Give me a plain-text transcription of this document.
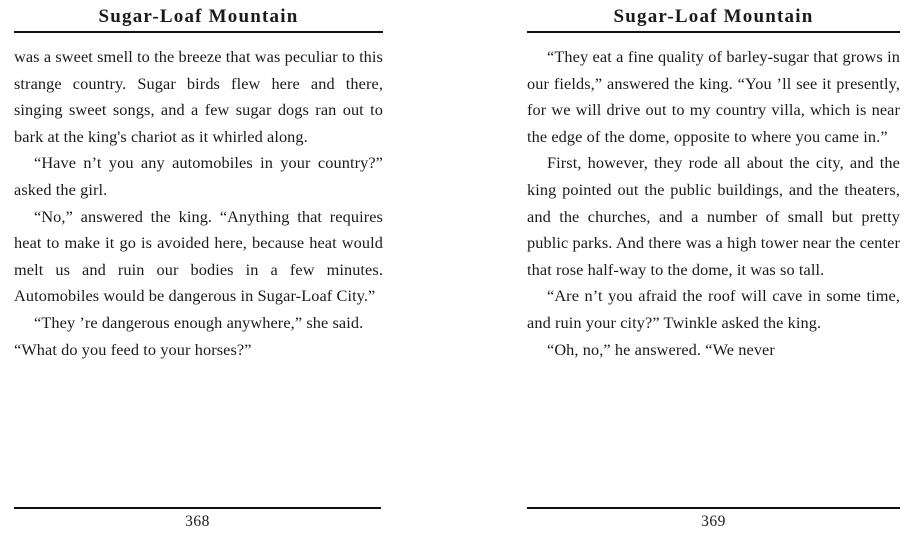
Sugar-Loaf Mountain

was a sweet smell to the breeze that was peculiar to this strange country. Sugar birds flew here and there, singing sweet songs, and a few sugar dogs ran out to bark at the king's chariot as it whirled along.

“Have n’t you any automobiles in your country?” asked the girl.

“No,” answered the king. “Anything that requires heat to make it go is avoided here, because heat would melt us and ruin our bodies in a few minutes. Automobiles would be dangerous in Sugar-Loaf City.”

“They ’re dangerous enough anywhere,” she said. “What do you feed to your horses?”

368
Sugar-Loaf Mountain

“They eat a fine quality of barley-sugar that grows in our fields,” answered the king. “You ’ll see it presently, for we will drive out to my country villa, which is near the edge of the dome, opposite to where you came in.”

First, however, they rode all about the city, and the king pointed out the public buildings, and the theaters, and the churches, and a number of small but pretty public parks. And there was a high tower near the center that rose half-way to the dome, it was so tall.

“Are n’t you afraid the roof will cave in some time, and ruin your city?” Twinkle asked the king.

“Oh, no,” he answered. “We never

369
